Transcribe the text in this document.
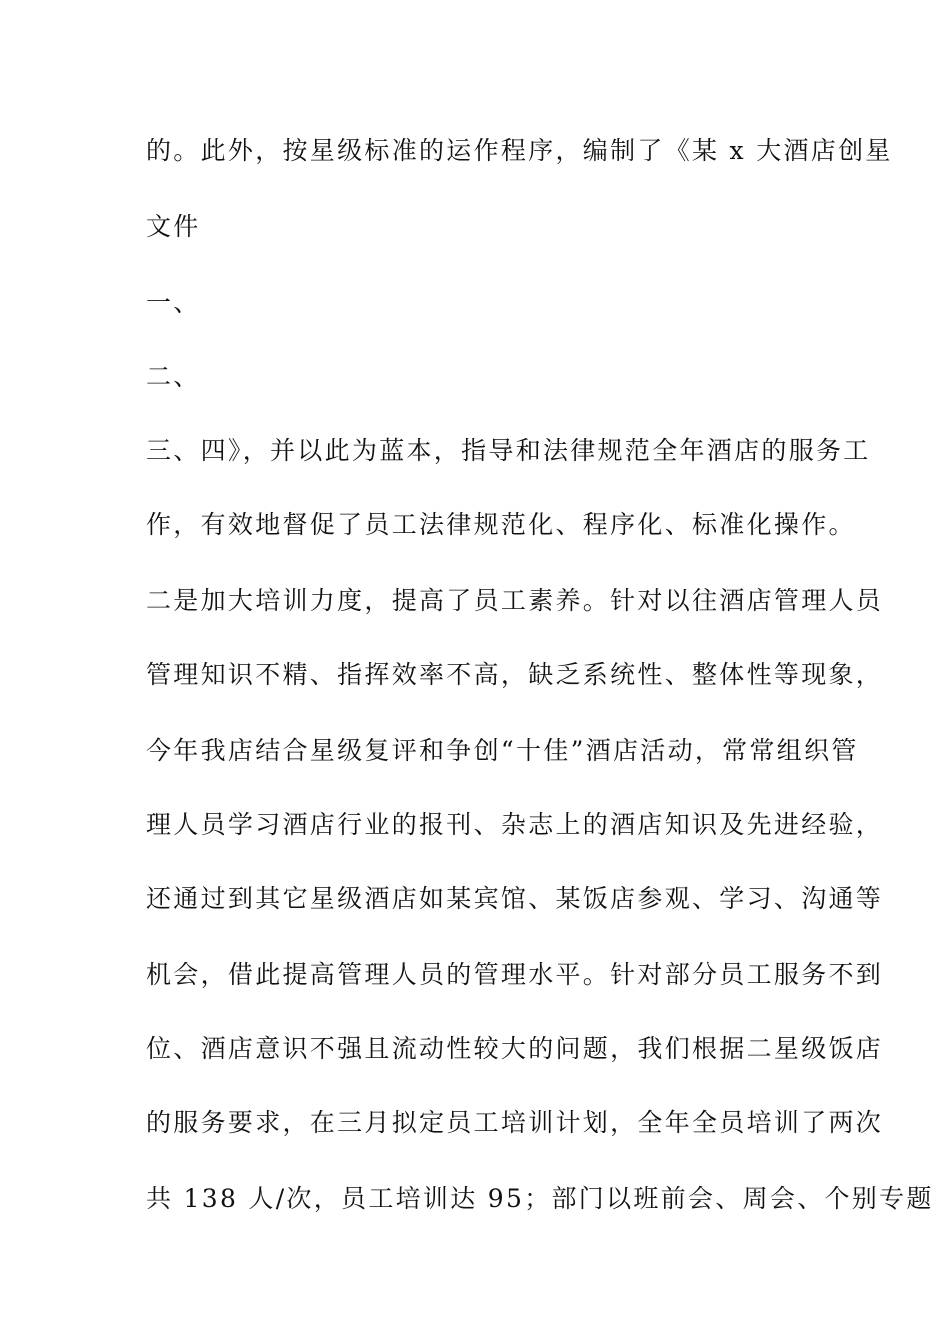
的。此外，按星级标准的运作程序，编制了《某 x 大酒店创星
文件
一、
二、
三、四》，并以此为蓝本，指导和法律规范全年酒店的服务工
作，有效地督促了员工法律规范化、程序化、标准化操作。
二是加大培训力度，提高了员工素养。针对以往酒店管理人员
管理知识不精、指挥效率不高，缺乏系统性、整体性等现象，
今年我店结合星级复评和争创“十佳”酒店活动，常常组织管
理人员学习酒店行业的报刊、杂志上的酒店知识及先进经验，
还通过到其它星级酒店如某宾馆、某饭店参观、学习、沟通等
机会，借此提高管理人员的管理水平。针对部分员工服务不到
位、酒店意识不强且流动性较大的问题，我们根据二星级饭店
的服务要求，在三月拟定员工培训计划，全年全员培训了两次
共 138 人/次，员工培训达 95；部门以班前会、周会、个别专题
